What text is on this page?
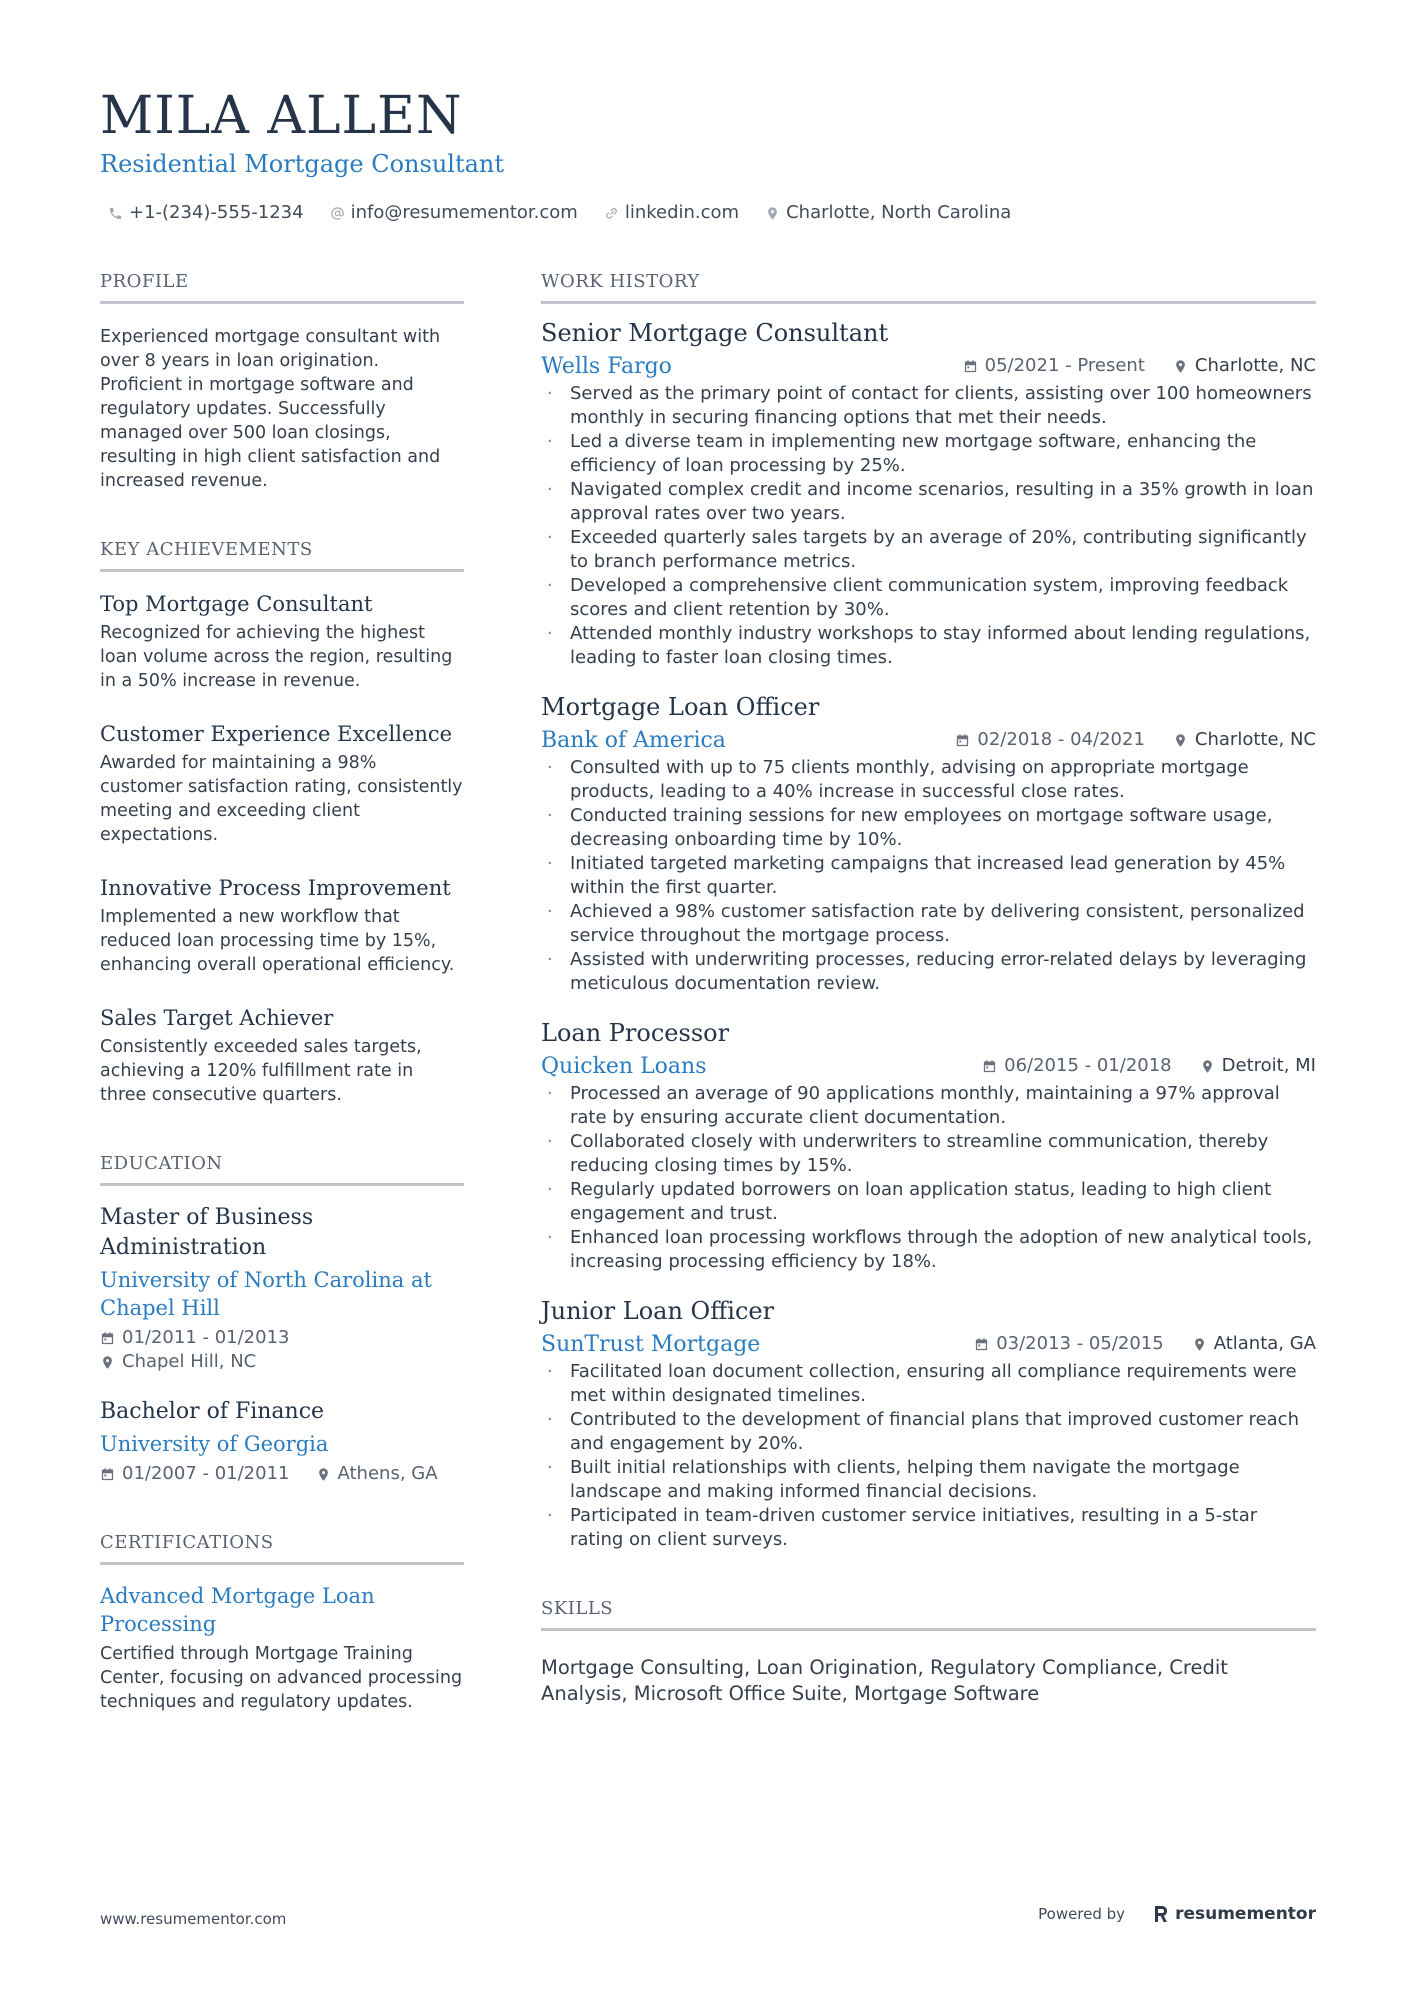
MILA ALLEN
Residential Mortgage Consultant
+1-(234)-555-1234	info@resumementor.com	linkedin.com	Charlotte, North Carolina
PROFILE

Experienced mortgage consultant with over 8 years in loan origination. Proficient in mortgage software and regulatory updates. Successfully managed over 500 loan closings, resulting in high client satisfaction and increased revenue.

KEY ACHIEVEMENTS
Top Mortgage Consultant

Recognized for achieving the highest loan volume across the region, resulting in a 50% increase in revenue.

Customer Experience Excellence

Awarded for maintaining a 98% customer satisfaction rating, consistently meeting and exceeding client expectations.

Innovative Process Improvement

Implemented a new workflow that reduced loan processing time by 15%, enhancing overall operational efficiency.

Sales Target Achiever

Consistently exceeded sales targets, achieving a 120% fulfillment rate in three consecutive quarters.

EDUCATION
Master of Business Administration
University of North Carolina at Chapel Hill
01/2011 - 01/2013
Chapel Hill, NC
Bachelor of Finance
University of Georgia
01/2007 - 01/2011	Athens, GA
CERTIFICATIONS
Advanced Mortgage Loan Processing

Certified through Mortgage Training Center, focusing on advanced processing techniques and regulatory updates.

WORK HISTORY
Senior Mortgage Consultant
Wells Fargo	05/2021 - Present	Charlotte, NC
· Served as the primary point of contact for clients, assisting over 100 homeowners monthly in securing financing options that met their needs.
· Led a diverse team in implementing new mortgage software, enhancing the efficiency of loan processing by 25%.
· Navigated complex credit and income scenarios, resulting in a 35% growth in loan approval rates over two years.
· Exceeded quarterly sales targets by an average of 20%, contributing significantly to branch performance metrics.
· Developed a comprehensive client communication system, improving feedback scores and client retention by 30%.
· Attended monthly industry workshops to stay informed about lending regulations, leading to faster loan closing times.
Mortgage Loan Officer
Bank of America	02/2018 - 04/2021	Charlotte, NC
· Consulted with up to 75 clients monthly, advising on appropriate mortgage products, leading to a 40% increase in successful close rates.
· Conducted training sessions for new employees on mortgage software usage, decreasing onboarding time by 10%.
· Initiated targeted marketing campaigns that increased lead generation by 45% within the first quarter.
· Achieved a 98% customer satisfaction rate by delivering consistent, personalized service throughout the mortgage process.
· Assisted with underwriting processes, reducing error-related delays by leveraging meticulous documentation review.
Loan Processor
Quicken Loans	06/2015 - 01/2018	Detroit, MI
· Processed an average of 90 applications monthly, maintaining a 97% approval rate by ensuring accurate client documentation.
· Collaborated closely with underwriters to streamline communication, thereby reducing closing times by 15%.
· Regularly updated borrowers on loan application status, leading to high client engagement and trust.
· Enhanced loan processing workflows through the adoption of new analytical tools, increasing processing efficiency by 18%.
Junior Loan Officer
SunTrust Mortgage	03/2013 - 05/2015	Atlanta, GA
· Facilitated loan document collection, ensuring all compliance requirements were met within designated timelines.
· Contributed to the development of financial plans that improved customer reach and engagement by 20%.
· Built initial relationships with clients, helping them navigate the mortgage landscape and making informed financial decisions.
· Participated in team-driven customer service initiatives, resulting in a 5-star rating on client surveys.
SKILLS

Mortgage Consulting, Loan Origination, Regulatory Compliance, Credit Analysis, Microsoft Office Suite, Mortgage Software

www.resumementor.com	Powered by	resumementor
